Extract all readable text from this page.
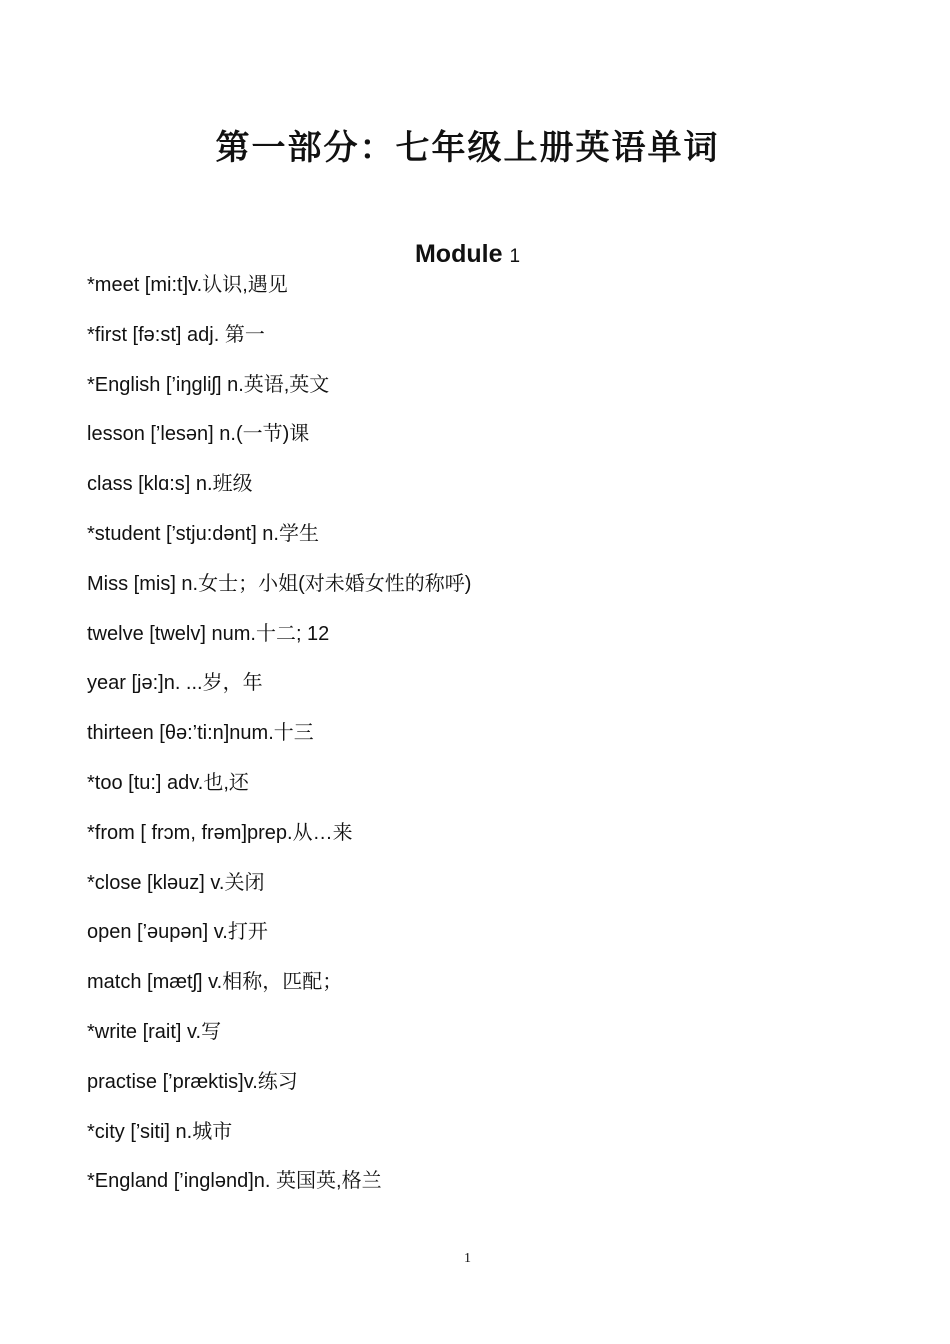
第一部分：七年级上册英语单词
Module 1
*meet [mi:t]v.认识,遇见
*first [fə:st] adj. 第一
*English [’iŋgliʃ] n.英语,英文
lesson [’lesən] n.(一节)课
class [klɑ:s] n.班级
*student [’stju:dənt] n.学生
Miss [mis] n.女士；小姐(对未婚女性的称呼)
twelve [twelv] num.十二; 12
year [jə:]n. ...岁，年
thirteen [θə:’ti:n]num.十三
*too [tu:] adv.也,还
*from [ frɔm, frəm]prep.从…来
*close [kləuz] v.关闭
open [’əupən] v.打开
match [mætʃ] v.相称，匹配；
*write [rait] v.写
practise [’præktis]v.练习
*city [’siti] n.城市
*England [’inglənd]n. 英国英,格兰
1
